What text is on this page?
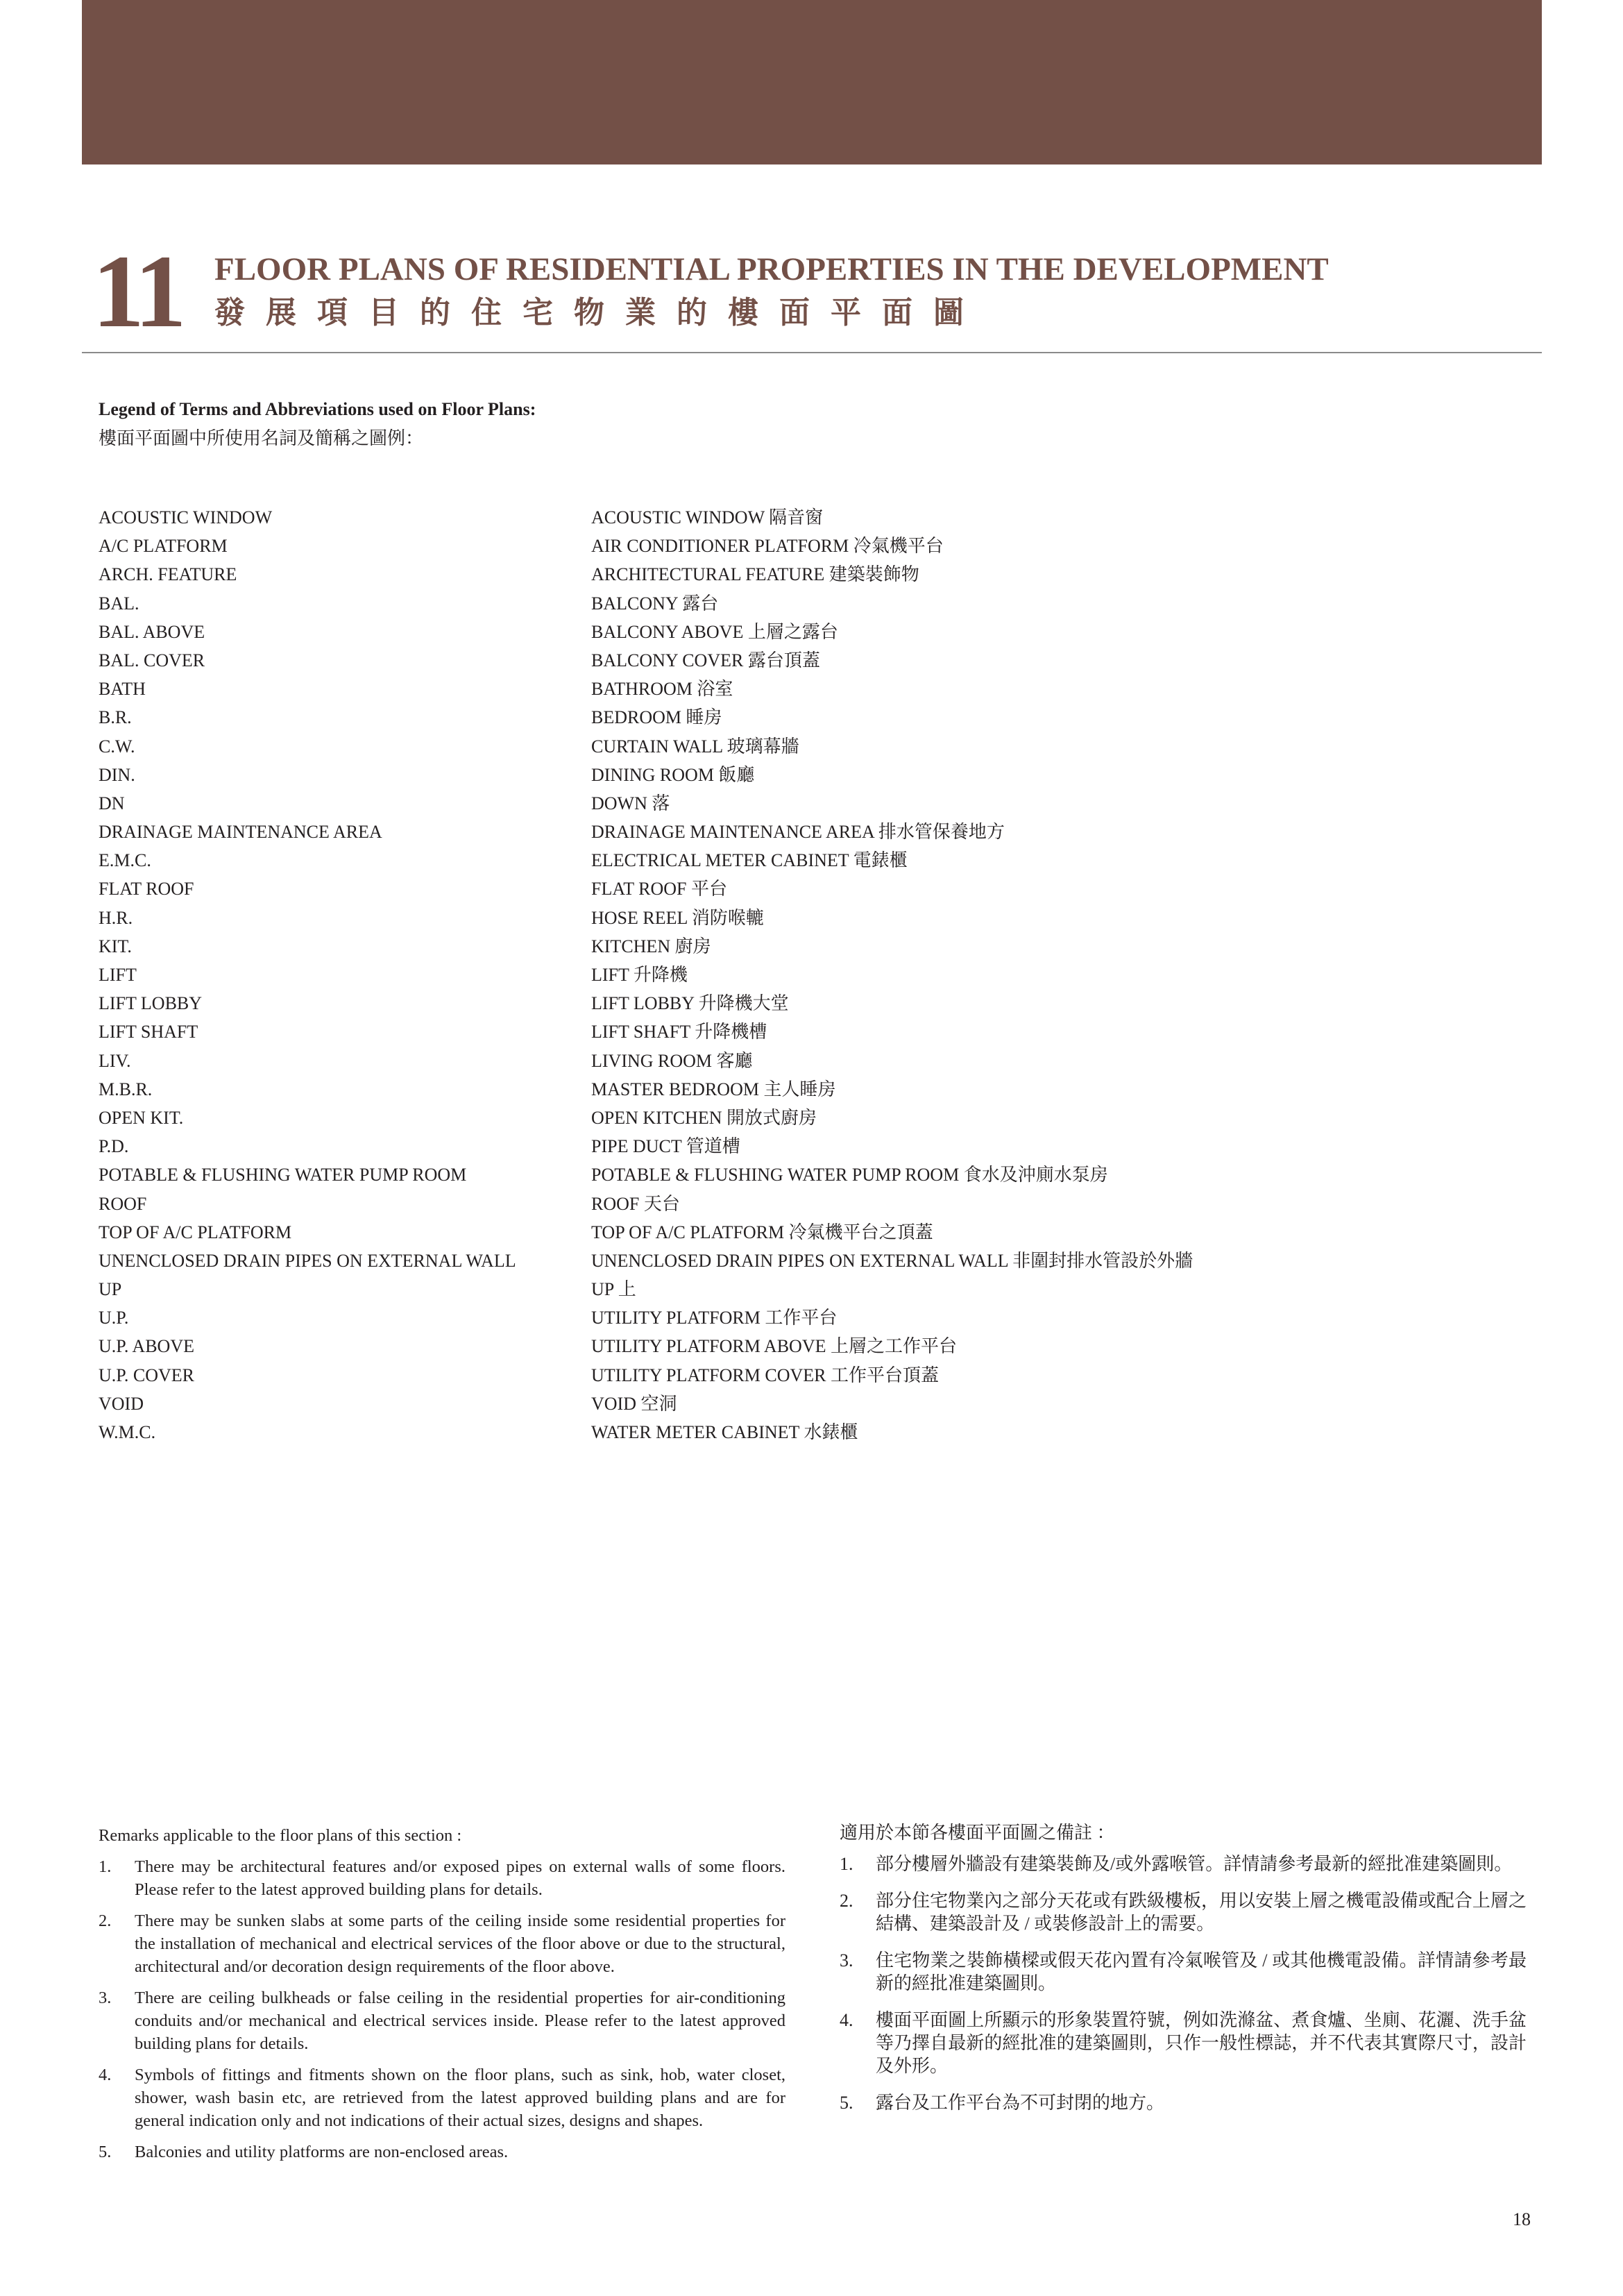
11 FLOOR PLANS OF RESIDENTIAL PROPERTIES IN THE DEVELOPMENT
發展項目的住宅物業的樓面平面圖
Legend of Terms and Abbreviations used on Floor Plans:
樓面平面圖中所使用名詞及簡稱之圖例：
ACOUSTIC WINDOW	ACOUSTIC WINDOW 隔音窗
A/C PLATFORM	AIR CONDITIONER PLATFORM 冷氣機平台
ARCH. FEATURE	ARCHITECTURAL FEATURE 建築裝飾物
BAL.	BALCONY 露台
BAL. ABOVE	BALCONY ABOVE 上層之露台
BAL. COVER	BALCONY COVER 露台頂蓋
BATH	BATHROOM 浴室
B.R.	BEDROOM 睡房
C.W.	CURTAIN WALL 玻璃幕牆
DIN.	DINING ROOM 飯廳
DN	DOWN 落
DRAINAGE MAINTENANCE AREA	DRAINAGE MAINTENANCE AREA 排水管保養地方
E.M.C.	ELECTRICAL METER CABINET 電錶櫃
FLAT ROOF	FLAT ROOF 平台
H.R.	HOSE REEL 消防喉轆
KIT.	KITCHEN 廚房
LIFT	LIFT 升降機
LIFT LOBBY	LIFT LOBBY 升降機大堂
LIFT SHAFT	LIFT SHAFT 升降機槽
LIV.	LIVING ROOM 客廳
M.B.R.	MASTER BEDROOM 主人睡房
OPEN KIT.	OPEN KITCHEN 開放式廚房
P.D.	PIPE DUCT 管道槽
POTABLE & FLUSHING WATER PUMP ROOM	POTABLE & FLUSHING WATER PUMP ROOM 食水及沖廁水泵房
ROOF	ROOF 天台
TOP OF A/C PLATFORM	TOP OF A/C PLATFORM 冷氣機平台之頂蓋
UNENCLOSED DRAIN PIPES ON EXTERNAL WALL	UNENCLOSED DRAIN PIPES ON EXTERNAL WALL 非圍封排水管設於外牆
UP	UP 上
U.P.	UTILITY PLATFORM 工作平台
U.P. ABOVE	UTILITY PLATFORM ABOVE 上層之工作平台
U.P. COVER	UTILITY PLATFORM COVER 工作平台頂蓋
VOID	VOID 空洞
W.M.C.	WATER METER CABINET 水錶櫃
Remarks applicable to the floor plans of this section :
1. There may be architectural features and/or exposed pipes on external walls of some floors. Please refer to the latest approved building plans for details.
2. There may be sunken slabs at some parts of the ceiling inside some residential properties for the installation of mechanical and electrical services of the floor above or due to the structural, architectural and/or decoration design requirements of the floor above.
3. There are ceiling bulkheads or false ceiling in the residential properties for air-conditioning conduits and/or mechanical and electrical services inside. Please refer to the latest approved building plans for details.
4. Symbols of fittings and fitments shown on the floor plans, such as sink, hob, water closet, shower, wash basin etc, are retrieved from the latest approved building plans and are for general indication only and not indications of their actual sizes, designs and shapes.
5. Balconies and utility platforms are non-enclosed areas.
適用於本節各樓面平面圖之備註 ：
1. 部分樓層外牆設有建築裝飾及/或外露喉管。詳情請參考最新的經批准建築圖則。
2. 部分住宅物業內之部分天花或有跌級樓板，用以安裝上層之機電設備或配合上層之結構、建築設計及 / 或裝修設計上的需要。
3. 住宅物業之裝飾橫樑或假天花內置有冷氣喉管及 / 或其他機電設備。詳情請參考最新的經批准建築圖則。
4. 樓面平面圖上所顯示的形象裝置符號，例如洗滌盆、煮食爐、坐廁、花灑、洗手盆等乃擇自最新的經批准的建築圖則，只作一般性標誌，并不代表其實際尺寸，設計及外形。
5. 露台及工作平台為不可封閉的地方。
18
